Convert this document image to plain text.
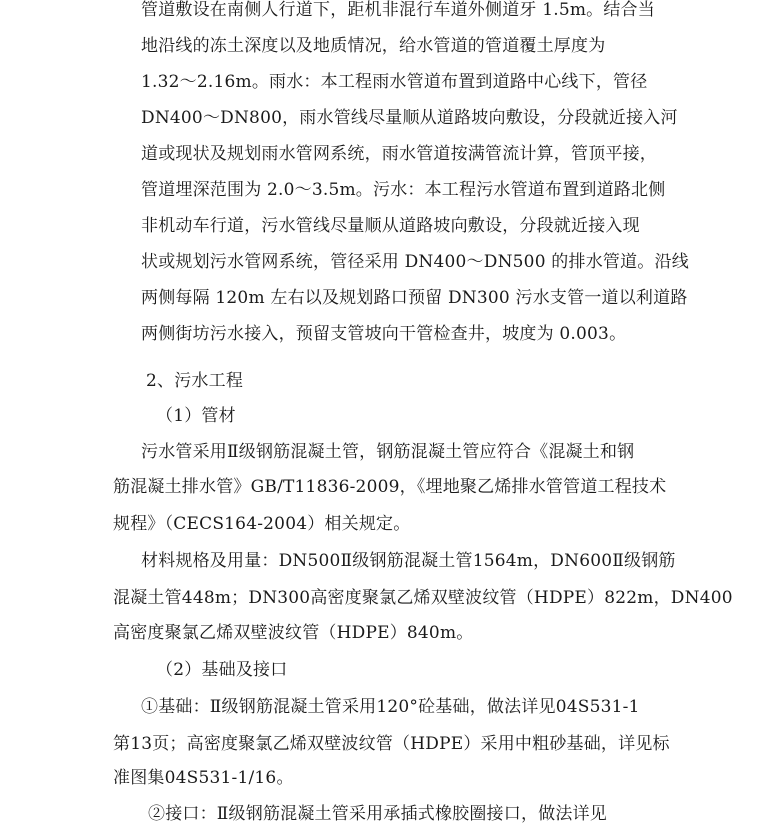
管道敷设在南侧人行道下，距机非混行车道外侧道牙 1.5m。结合当
地沿线的冻土深度以及地质情况，给水管道的管道覆土厚度为
1.32～2.16m。雨水：本工程雨水管道布置到道路中心线下，管径
DN400～DN800，雨水管线尽量顺从道路坡向敷设，分段就近接入河
道或现状及规划雨水管网系统，雨水管道按满管流计算，管顶平接，
管道埋深范围为 2.0～3.5m。污水：本工程污水管道布置到道路北侧
非机动车行道，污水管线尽量顺从道路坡向敷设，分段就近接入现
状或规划污水管网系统，管径采用 DN400～DN500 的排水管道。沿线
两侧每隔 120m 左右以及规划路口预留 DN300 污水支管一道以利道路
两侧街坊污水接入，预留支管坡向干管检查井，坡度为 0.003。
2、污水工程
（1）管材
污水管采用Ⅱ级钢筋混凝土管，钢筋混凝土管应符合《混凝土和钢
筋混凝土排水管》GB/T11836-2009，《埋地聚乙烯排水管管道工程技术
规程》（CECS164-2004）相关规定。
材料规格及用量：DN500Ⅱ级钢筋混凝土管1564m，DN600Ⅱ级钢筋
混凝土管448m；DN300高密度聚氯乙烯双壁波纹管（HDPE）822m，DN400
高密度聚氯乙烯双壁波纹管（HDPE）840m。
（2）基础及接口
①基础：Ⅱ级钢筋混凝土管采用120°砼基础，做法详见04S531-1
第13页；高密度聚氯乙烯双壁波纹管（HDPE）采用中粗砂基础，详见标
准图集04S531-1/16。
②接口：Ⅱ级钢筋混凝土管采用承插式橡胶圈接口，做法详见
